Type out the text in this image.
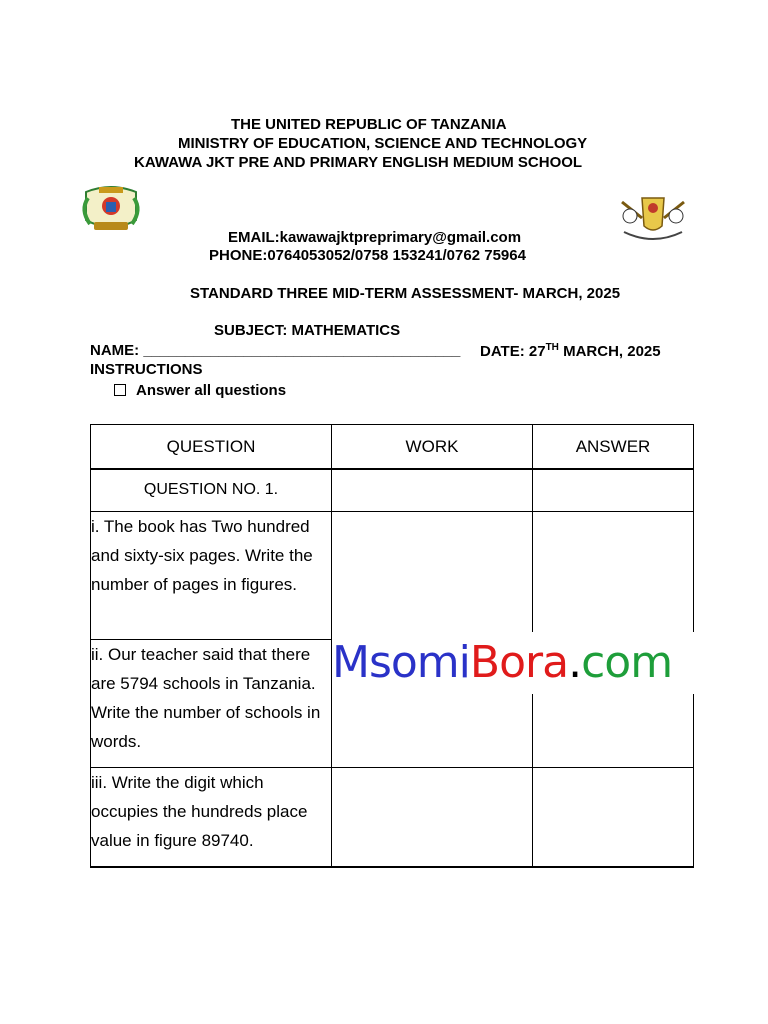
THE UNITED REPUBLIC OF TANZANIA
MINISTRY OF EDUCATION, SCIENCE AND TECHNOLOGY
KAWAWA JKT PRE AND PRIMARY ENGLISH MEDIUM SCHOOL
EMAIL:kawawajktpreprimary@gmail.com
PHONE:0764053052/0758 153241/0762 75964
STANDARD THREE MID-TERM ASSESSMENT- MARCH, 2025
SUBJECT: MATHEMATICS
NAME: ______________________________________ DATE: 27TH MARCH, 2025
INSTRUCTIONS
Answer all questions
QUESTION	WORK	ANSWER
QUESTION NO. 1.		
i. The book has Two hundred and sixty-six pages. Write the number of pages in figures.		
ii. Our teacher said that there are 5794 schools in Tanzania. Write the number of schools in words.		
iii. Write the digit which occupies the hundreds place value in figure 89740.		
MsomiBora.com
